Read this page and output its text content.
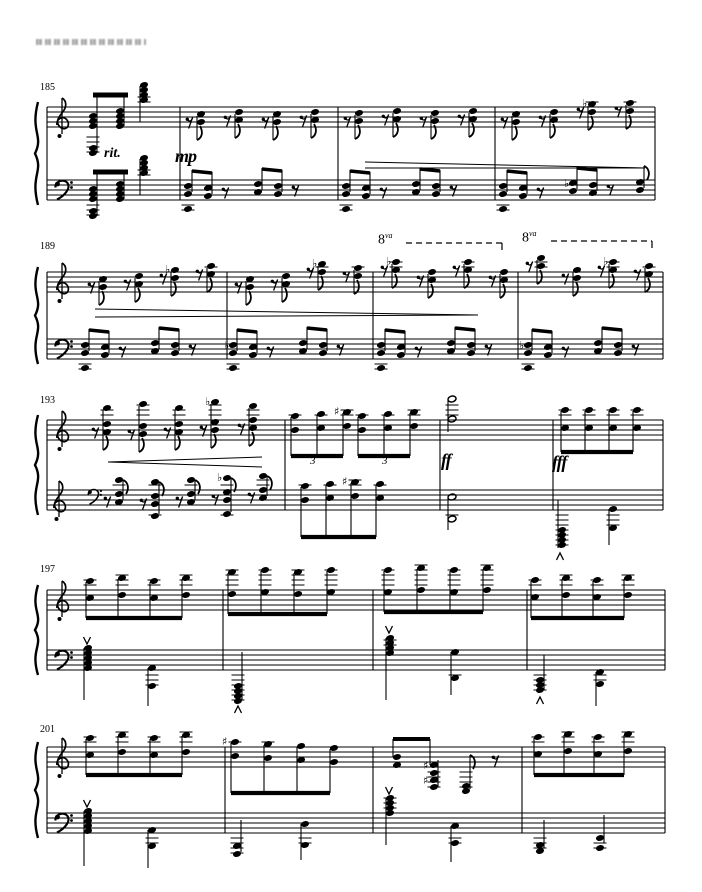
♭
♭
♭	♭	♭	♭
♭	♭
♭
♭
♯
♯
♯
♯
♯
185
189
193
197
201
rit.	mp
ff	fff
$8^{va}$	$8^{va}$
3	3
